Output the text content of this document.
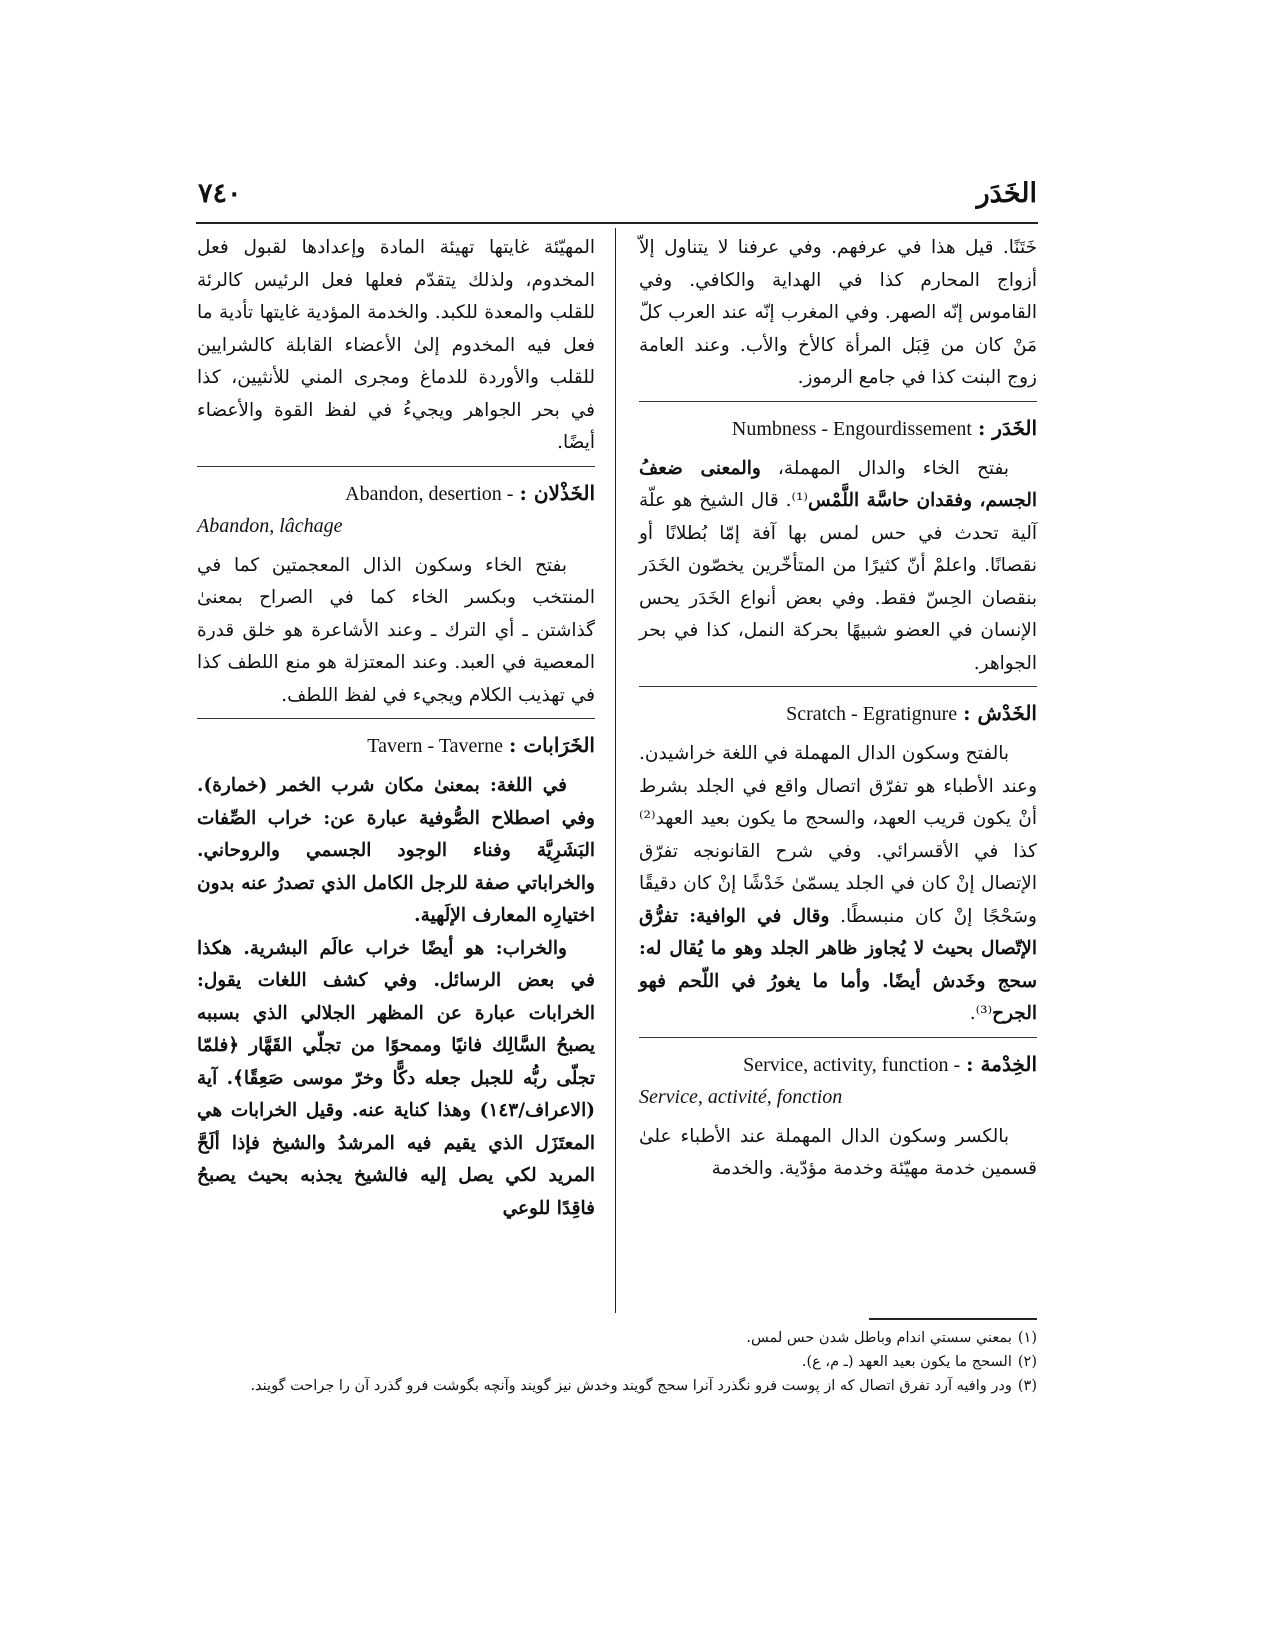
الخَدَر
٧٤٠

خَتَنًا. قيل هذا في عرفهم. وفي عرفنا لا يتناول إلاّ أزواج المحارم كذا في الهداية والكافي. وفي القاموس إنّه الصهر. وفي المغرب إنّه عند العرب كلّ مَنْ كان من قِبَل المرأة كالأخ والأب. وعند العامة زوج البنت كذا في جامع الرموز.

الخَدَر : Numbness - Engourdissement

بفتح الخاء والدال المهملة، والمعنى ضعفُ الجسم، وفقدان حاسَّة اللَّمْس⁽¹⁾. قال الشيخ هو علّة آلية تحدث في حس لمس بها آفة إمّا بُطلانًا أو نقصانًا. واعلمْ أنّ كثيرًا من المتأخّرين يخصّون الخَدَر بنقصان الحِسّ فقط. وفي بعض أنواع الخَدَر يحس الإنسان في العضو شبيهًا بحركة النمل، كذا في بحر الجواهر.

الخَدْش : Scratch - Egratignure

بالفتح وسكون الدال المهملة في اللغة خراشيدن. وعند الأطباء هو تفرّق اتصال واقع في الجلد بشرط أنْ يكون قريب العهد، والسحج ما يكون بعيد العهد⁽²⁾ كذا في الأقسرائي. وفي شرح القانونجه تفرّق الإتصال إنْ كان في الجلد يسمّىٰ خَدْشًا إنْ كان دقيقًا وسَحْجًا إنْ كان منبسطًا. وقال في الوافية: تفرُّق الإتّصال بحيث لا يُجاوز ظاهر الجلد وهو ما يُقال له: سحج وخَدش أيضًا. وأما ما يغورُ في اللّحم فهو الجرح⁽³⁾.

الخِدْمة : Service, activity, function -
Service, activité, fonction

بالكسر وسكون الدال المهملة عند الأطباء علىٰ قسمين خدمة مهيّئة وخدمة مؤدّية. والخدمة

المهيّئة غايتها تهيئة المادة وإعدادها لقبول فعل المخدوم، ولذلك يتقدّم فعلها فعل الرئيس كالرئة للقلب والمعدة للكبد. والخدمة المؤدية غايتها تأدية ما فعل فيه المخدوم إلىٰ الأعضاء القابلة كالشرايين للقلب والأوردة للدماغ ومجرى المني للأنثيين، كذا في بحر الجواهر ويجيءُ في لفظ القوة والأعضاء أيضًا.

الخَذْلان : Abandon, desertion -
Abandon, lâchage

بفتح الخاء وسكون الذال المعجمتين كما في المنتخب وبكسر الخاء كما في الصراح بمعنىٰ گذاشتن ـ أي الترك ـ وعند الأشاعرة هو خلق قدرة المعصية في العبد. وعند المعتزلة هو منع اللطف كذا في تهذيب الكلام ويجيء في لفظ اللطف.

الخَرَابات : Tavern - Taverne

في اللغة: بمعنىٰ مكان شرب الخمر (خمارة). وفي اصطلاح الصُّوفية عبارة عن: خراب الصِّفات البَشَرِيَّة وفناء الوجود الجسمي والروحاني. والخراباتي صفة للرجل الكامل الذي تصدرُ عنه بدون اختيارِه المعارف الإلَهية.

والخراب: هو أيضًا خراب عالَم البشرية. هكذا في بعض الرسائل. وفي كشف اللغات يقول: الخرابات عبارة عن المظهر الجلالي الذي بسببه يصبحُ السَّالِك فانيًا وممحوًا من تجلّي القَهَّار ﴿فلمّا تجلّى ربُّه للجبل جعله دكًّا وخرّ موسى صَعِقًا﴾. آية (الاعراف/١٤٣) وهذا كناية عنه. وقيل الخرابات هي المعتَزَل الذي يقيم فيه المرشدُ والشيخ فإذا ألَحَّ المريد لكي يصل إليه فالشيخ يجذبه بحيث يصبحُ فاقِدًا للوعي

(١)بمعني سستي اندام وباطل شدن حس لمس.

(٢)السحج ما يكون بعيد العهد (ـ م، ع).

(٣)ودر وافيه آرد تفرق اتصال كه از پوست فرو نگذرد آنرا سحج گويند وخدش نيز گويند وآنچه بگوشت فرو گذرد آن را جراحت گويند.
